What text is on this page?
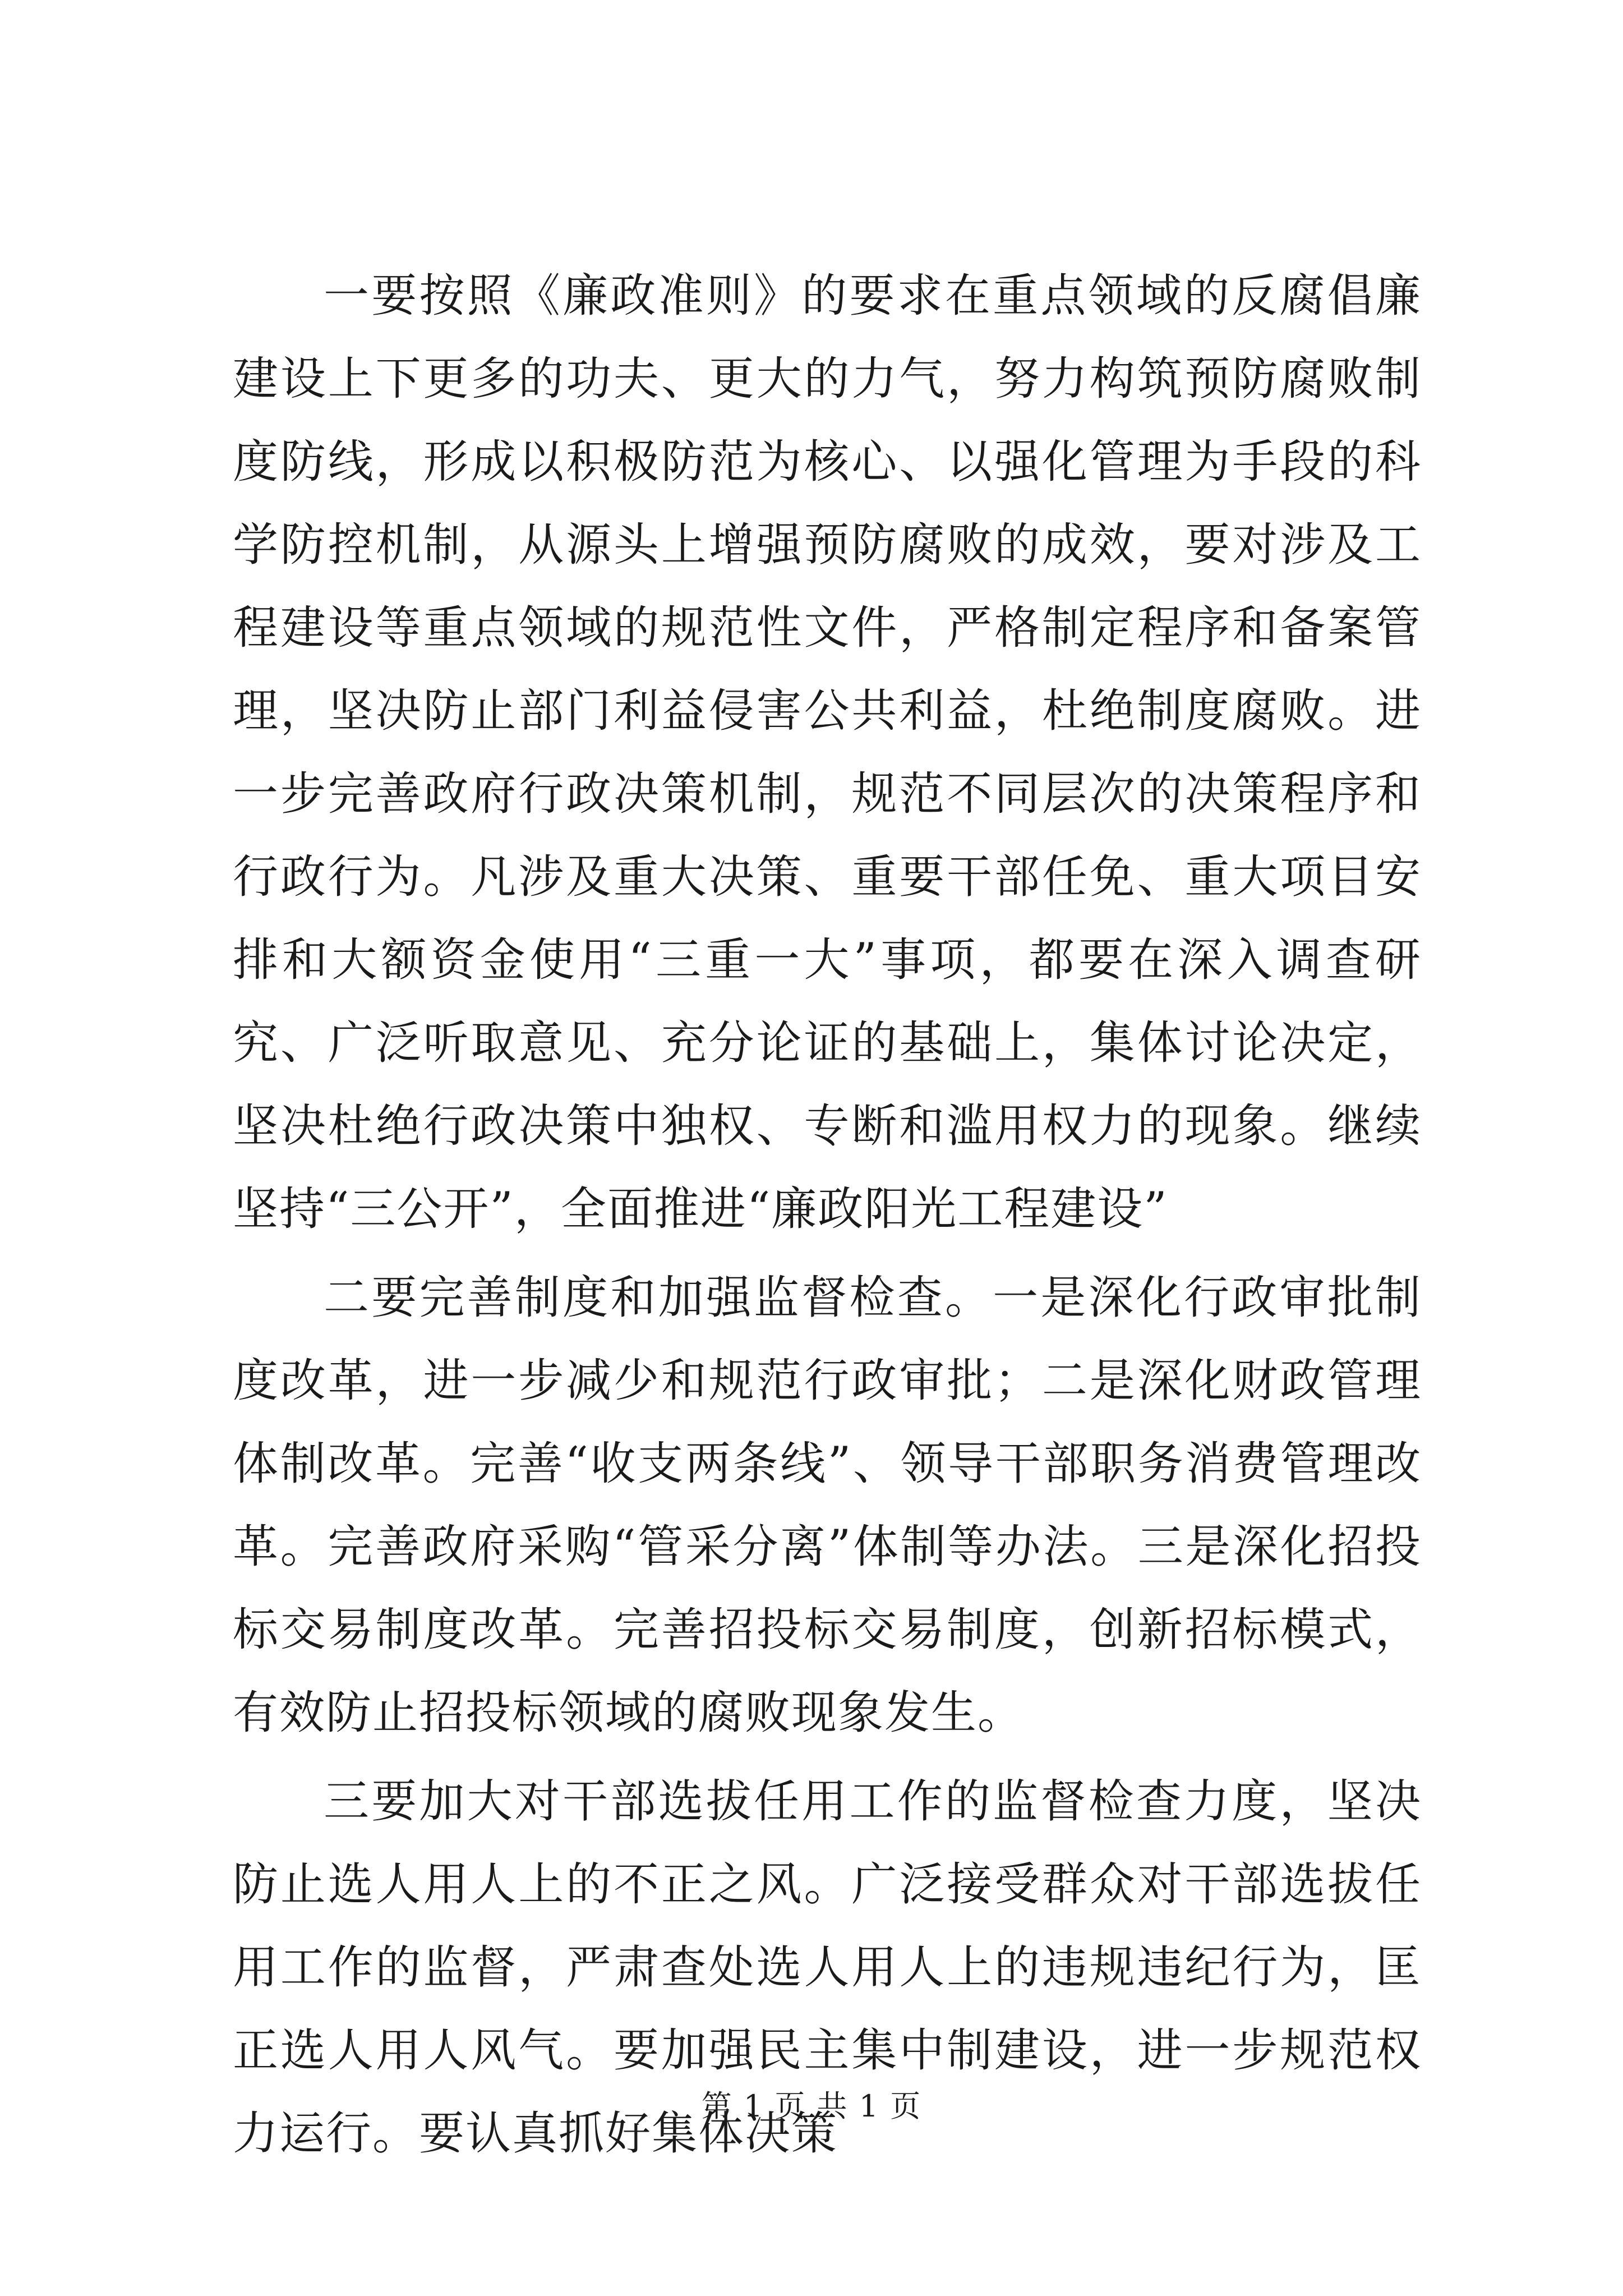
一要按照《廉政准则》的要求在重点领域的反腐倡廉建设上下更多的功夫、更大的力气，努力构筑预防腐败制度防线，形成以积极防范为核心、以强化管理为手段的科学防控机制，从源头上增强预防腐败的成效，要对涉及工程建设等重点领域的规范性文件，严格制定程序和备案管理，坚决防止部门利益侵害公共利益，杜绝制度腐败。进一步完善政府行政决策机制，规范不同层次的决策程序和行政行为。凡涉及重大决策、重要干部任免、重大项目安排和大额资金使用“三重一大”事项，都要在深入调查研究、广泛听取意见、充分论证的基础上，集体讨论决定，坚决杜绝行政决策中独权、专断和滥用权力的现象。继续坚持“三公开”，全面推进“廉政阳光工程建设”

二要完善制度和加强监督检查。一是深化行政审批制度改革，进一步减少和规范行政审批；二是深化财政管理体制改革。完善“收支两条线”、领导干部职务消费管理改革。完善政府采购“管采分离”体制等办法。三是深化招投标交易制度改革。完善招投标交易制度，创新招标模式，有效防止招投标领域的腐败现象发生。

三要加大对干部选拔任用工作的监督检查力度，坚决防止选人用人上的不正之风。广泛接受群众对干部选拔任用工作的监督，严肃查处选人用人上的违规违纪行为，匡正选人用人风气。要加强民主集中制建设，进一步规范权力运行。要认真抓好集体决策

第 1 页 共 1 页
